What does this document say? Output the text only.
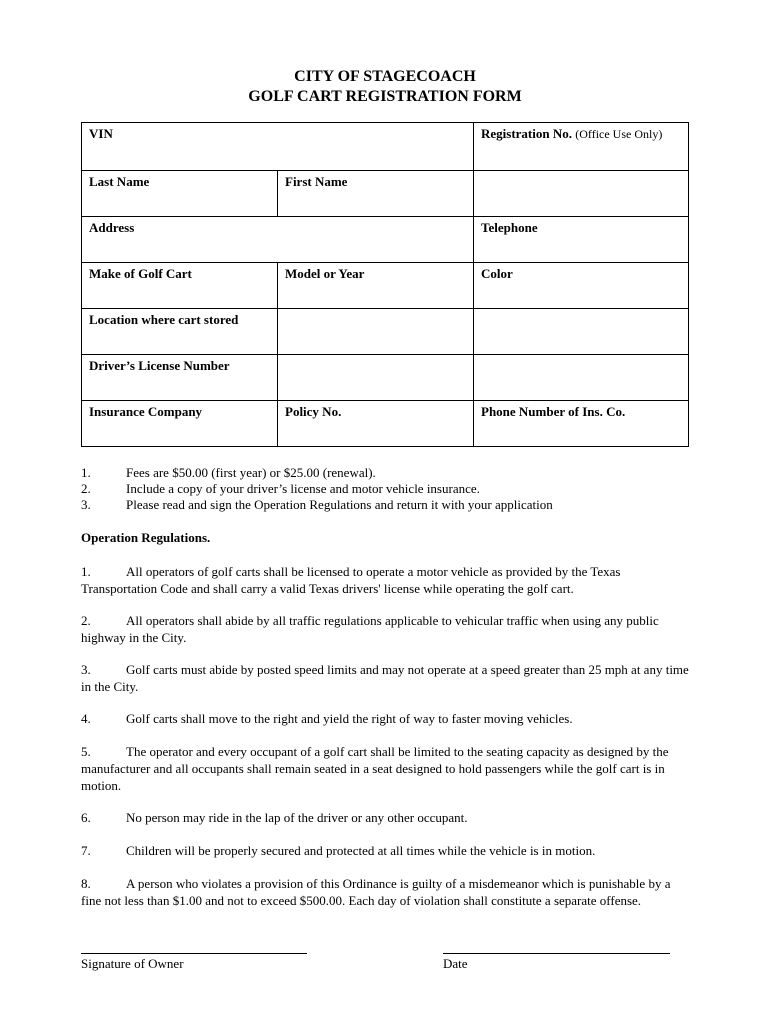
CITY OF STAGECOACH
GOLF CART REGISTRATION FORM
VIN		Registration No. (Office Use Only)
Last Name	First Name	
Address		Telephone
Make of Golf Cart	Model or Year	Color
Location where cart stored		
Driver’s License Number		
Insurance Company	Policy No.	Phone Number of Ins. Co.
1.	Fees are $50.00 (first year) or $25.00 (renewal).
2.	Include a copy of your driver’s license and motor vehicle insurance.
3.	Please read and sign the Operation Regulations and return it with your application
Operation Regulations.
1.	All operators of golf carts shall be licensed to operate a motor vehicle as provided by the Texas Transportation Code and shall carry a valid Texas drivers' license while operating the golf cart.
2.	All operators shall abide by all traffic regulations applicable to vehicular traffic when using any public highway in the City.
3.	Golf carts must abide by posted speed limits and may not operate at a speed greater than 25 mph at any time in the City.
4.	Golf carts shall move to the right and yield the right of way to faster moving vehicles.
5.	The operator and every occupant of a golf cart shall be limited to the seating capacity as designed by the manufacturer and all occupants shall remain seated in a seat designed to hold passengers while the golf cart is in motion.
6.	No person may ride in the lap of the driver or any other occupant.
7.	Children will be properly secured and protected at all times while the vehicle is in motion.
8.	A person who violates a provision of this Ordinance is guilty of a misdemeanor which is punishable by a fine not less than $1.00 and not to exceed $500.00. Each day of violation shall constitute a separate offense.
Signature of Owner	Date
